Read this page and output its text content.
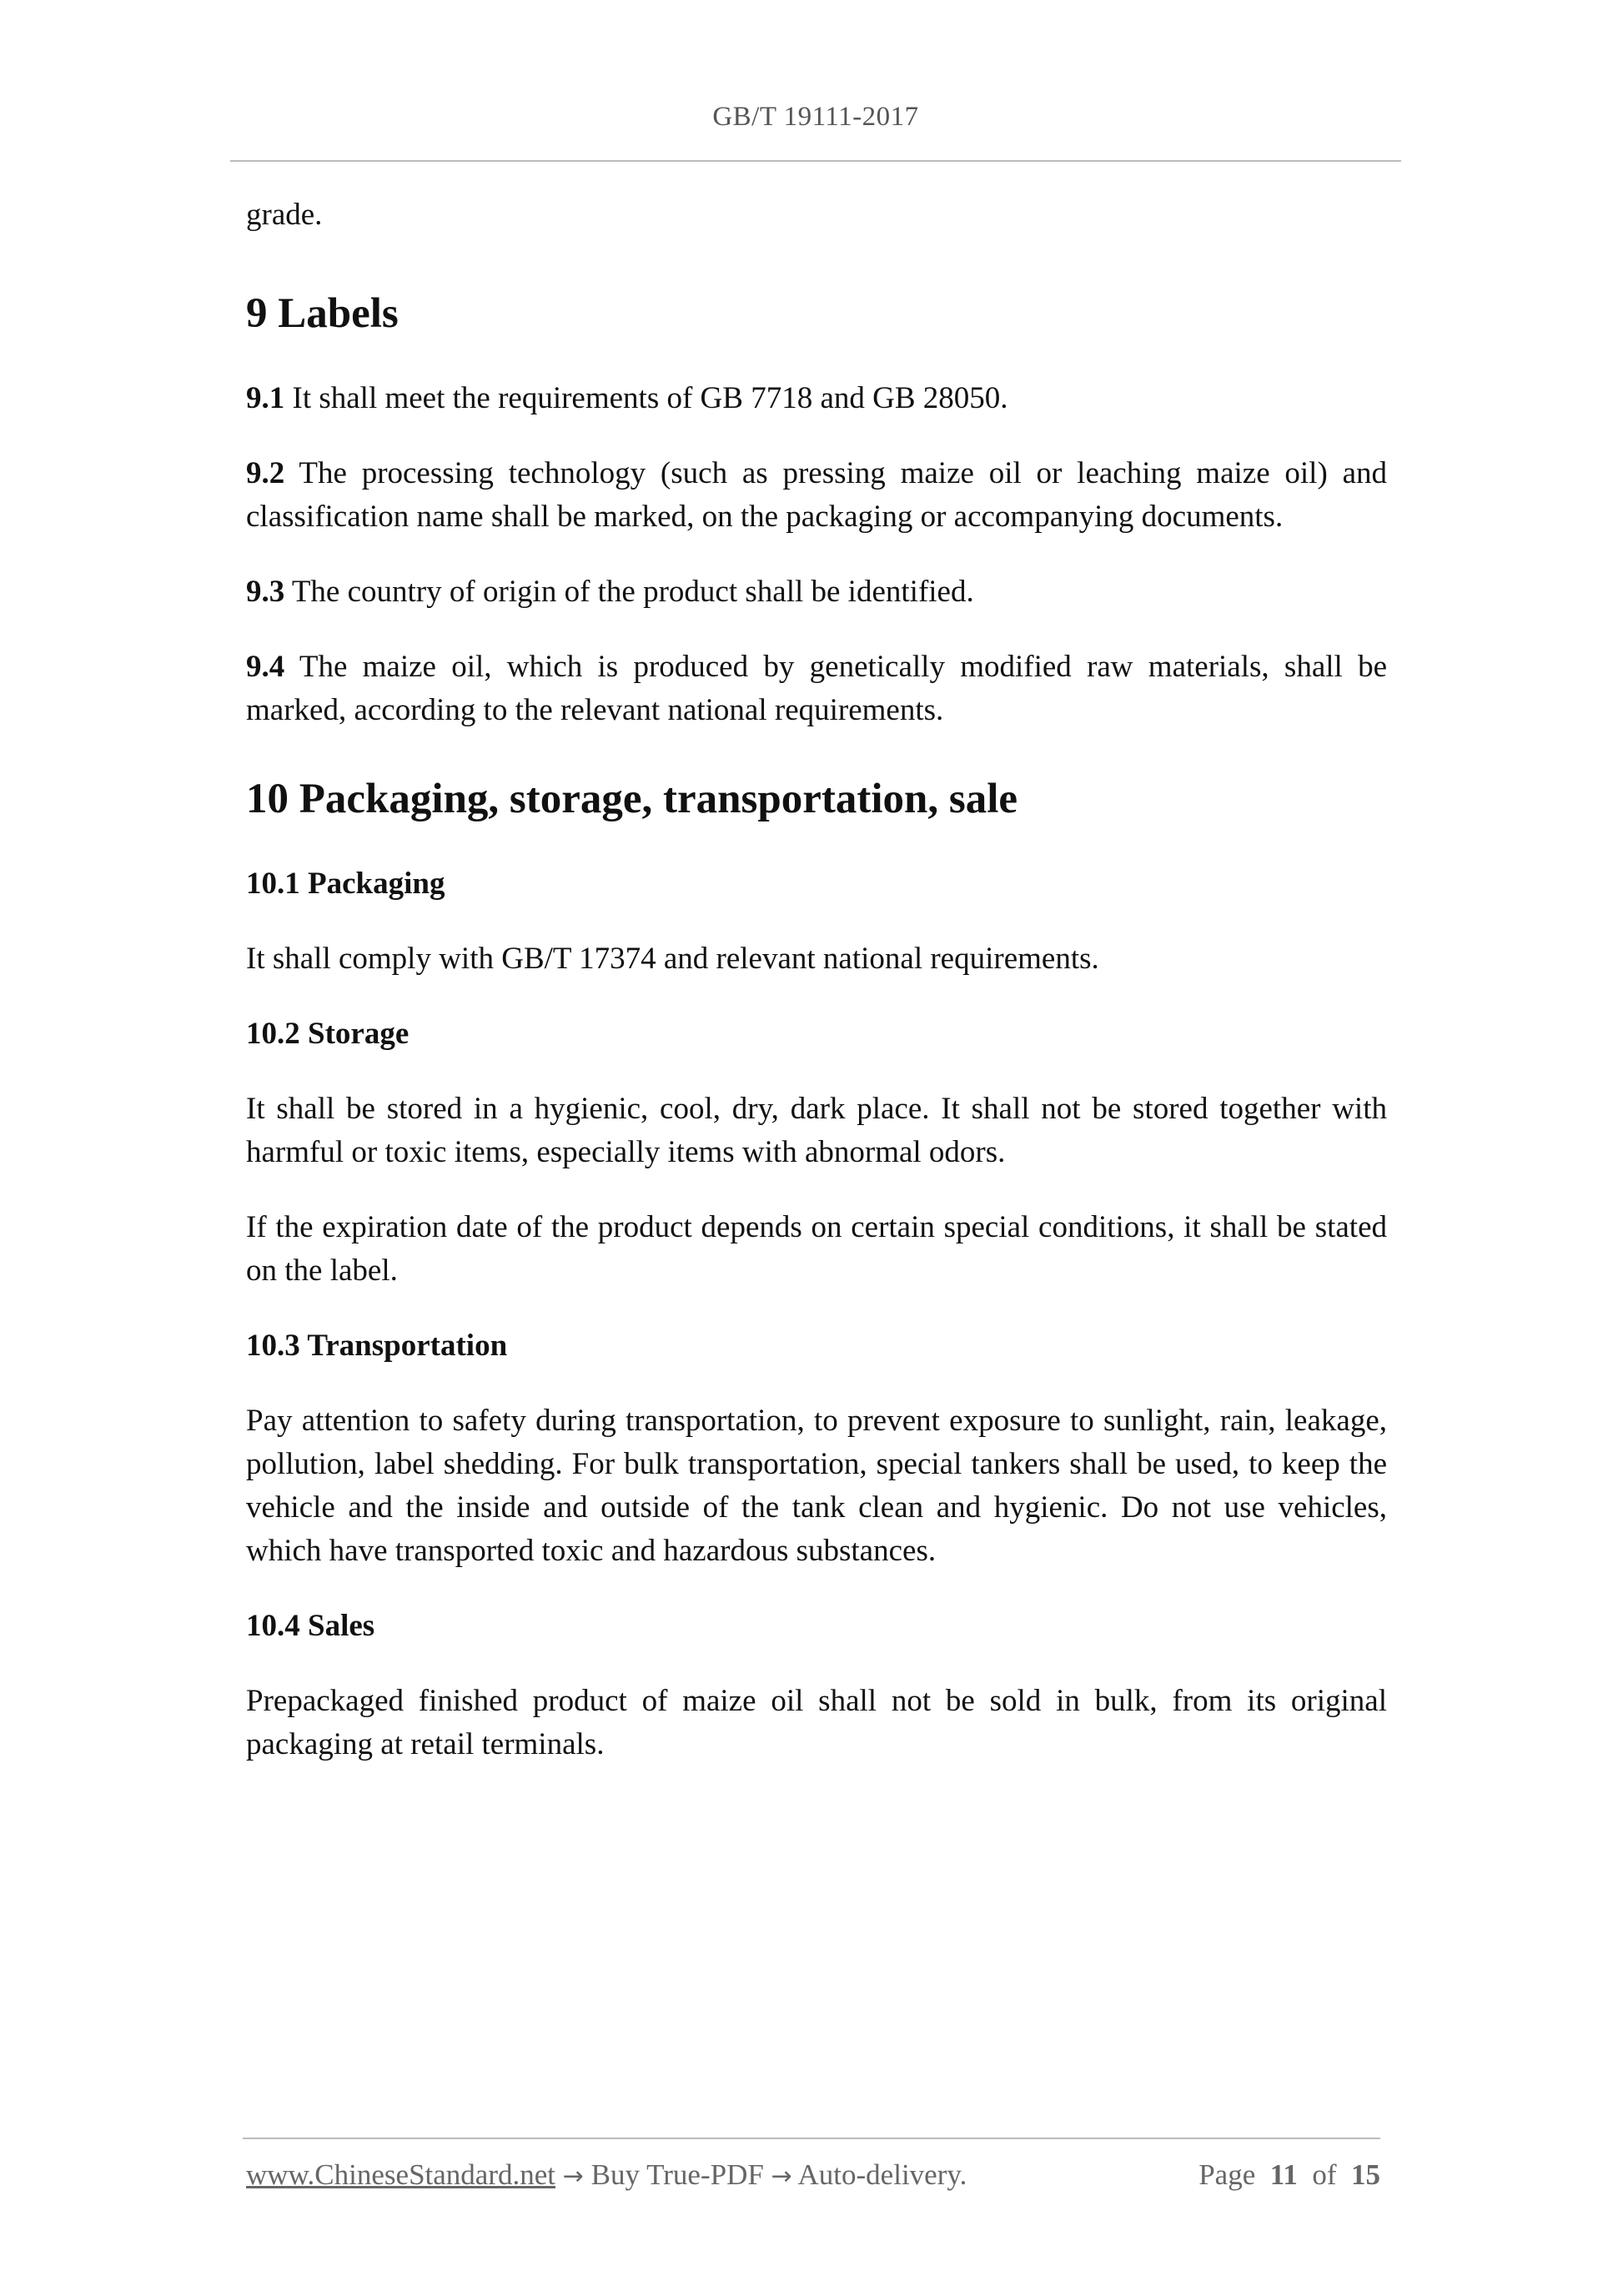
GB/T 19111-2017

grade.

9 Labels

9.1 It shall meet the requirements of GB 7718 and GB 28050.

9.2 The processing technology (such as pressing maize oil or leaching maize oil) and classification name shall be marked, on the packaging or accompanying documents.

9.3 The country of origin of the product shall be identified.

9.4 The maize oil, which is produced by genetically modified raw materials, shall be marked, according to the relevant national requirements.

10 Packaging, storage, transportation, sale
10.1 Packaging

It shall comply with GB/T 17374 and relevant national requirements.

10.2 Storage

It shall be stored in a hygienic, cool, dry, dark place. It shall not be stored together with harmful or toxic items, especially items with abnormal odors.

If the expiration date of the product depends on certain special conditions, it shall be stated on the label.

10.3 Transportation

Pay attention to safety during transportation, to prevent exposure to sunlight, rain, leakage, pollution, label shedding. For bulk transportation, special tankers shall be used, to keep the vehicle and the inside and outside of the tank clean and hygienic. Do not use vehicles, which have transported toxic and hazardous substances.

10.4 Sales

Prepackaged finished product of maize oil shall not be sold in bulk, from its original packaging at retail terminals.

www.ChineseStandard.net → Buy True-PDF → Auto-delivery.	Page 11 of 15
